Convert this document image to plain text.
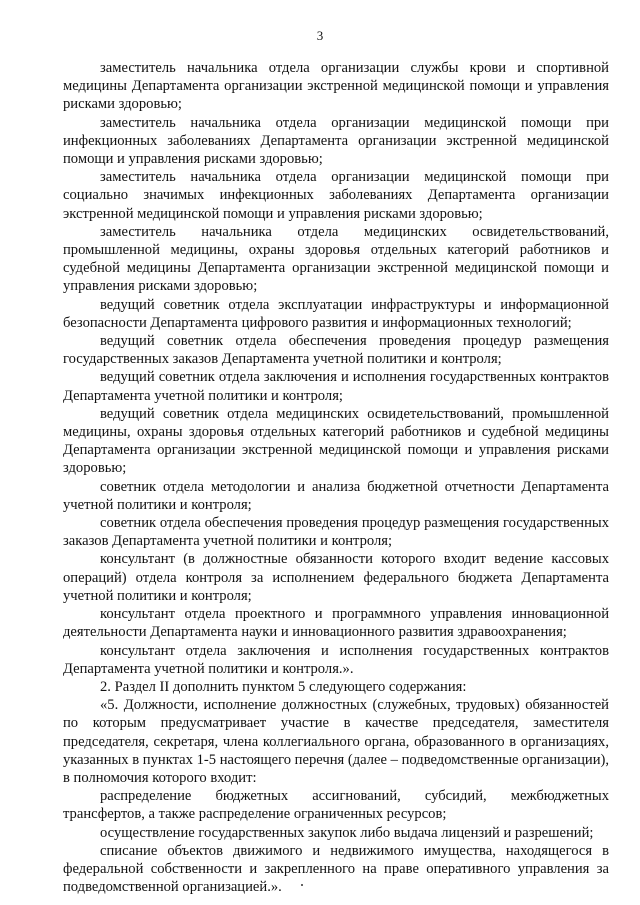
3

заместитель начальника отдела организации службы крови и спортивной медицины Департамента организации экстренной медицинской помощи и управления рисками здоровью;

заместитель начальника отдела организации медицинской помощи при инфекционных заболеваниях Департамента организации экстренной медицинской помощи и управления рисками здоровью;

заместитель начальника отдела организации медицинской помощи при социально значимых инфекционных заболеваниях Департамента организации экстренной медицинской помощи и управления рисками здоровью;

заместитель начальника отдела медицинских освидетельствований, промышленной медицины, охраны здоровья отдельных категорий работников и судебной медицины Департамента организации экстренной медицинской помощи и управления рисками здоровью;

ведущий советник отдела эксплуатации инфраструктуры и информационной безопасности Департамента цифрового развития и информационных технологий;

ведущий советник отдела обеспечения проведения процедур размещения государственных заказов Департамента учетной политики и контроля;

ведущий советник отдела заключения и исполнения государственных контрактов Департамента учетной политики и контроля;

ведущий советник отдела медицинских освидетельствований, промышленной медицины, охраны здоровья отдельных категорий работников и судебной медицины Департамента организации экстренной медицинской помощи и управления рисками здоровью;

советник отдела методологии и анализа бюджетной отчетности Департамента учетной политики и контроля;

советник отдела обеспечения проведения процедур размещения государственных заказов Департамента учетной политики и контроля;

консультант (в должностные обязанности которого входит ведение кассовых операций) отдела контроля за исполнением федерального бюджета Департамента учетной политики и контроля;

консультант отдела проектного и программного управления инновационной деятельности Департамента науки и инновационного развития здравоохранения;

консультант отдела заключения и исполнения государственных контрактов Департамента учетной политики и контроля.».

2. Раздел II дополнить пунктом 5 следующего содержания:

«5. Должности, исполнение должностных (служебных, трудовых) обязанностей по которым предусматривает участие в качестве председателя, заместителя председателя, секретаря, члена коллегиального органа, образованного в организациях, указанных в пунктах 1-5 настоящего перечня (далее – подведомственные организации), в полномочия которого входит:

распределение бюджетных ассигнований, субсидий, межбюджетных трансфертов, а также распределение ограниченных ресурсов;

осуществление государственных закупок либо выдача лицензий и разрешений;

списание объектов движимого и недвижимого имущества, находящегося в федеральной собственности и закрепленного на праве оперативного управления за подведомственной организацией.».
